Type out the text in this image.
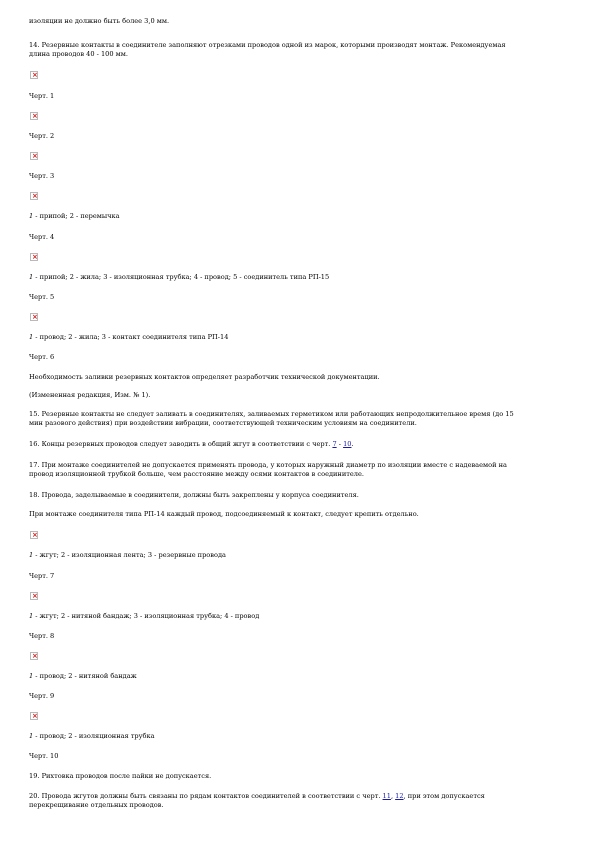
изоляции не должно быть более 3,0 мм.
14. Резервные контакты в соединителе заполняют отрезками проводов одной из марок, которыми производят монтаж. Рекомендуемая
длина проводов 40 - 100 мм.
×
Черт. 1
×
Черт. 2
×
Черт. 3
×
1 - припой; 2 - перемычка
Черт. 4
×
1 - припой; 2 - жила; 3 - изоляционная трубка; 4 - провод; 5 - соединитель типа РП-15
Черт. 5
×
1 - провод; 2 - жила; 3 - контакт соединителя типа РП-14
Черт. 6
Необходимость заливки резервных контактов определяет разработчик технической документации.
(Измененная редакция, Изм. № 1).
15. Резервные контакты не следует заливать в соединителях, заливаемых герметиком или работающих непродолжительное время (до 15
мин разового действия) при воздействии вибрации, соответствующей техническим условиям на соединители.
16. Концы резервных проводов следует заводить в общий жгут в соответствии с черт. 7 - 10.
17. При монтаже соединителей не допускается применять провода, у которых наружный диаметр по изоляции вместе с надеваемой на
провод изоляционной трубкой больше, чем расстояние между осями контактов в соединителе.
18. Провода, заделываемые в соединители, должны быть закреплены у корпуса соединителя.
При монтаже соединителя типа РП-14 каждый провод, подсоединяемый к контакт, следует крепить отдельно.
×
1 - жгут; 2 - изоляционная лента; 3 - резервные провода
Черт. 7
×
1 - жгут; 2 - нитяной бандаж; 3 - изоляционная трубка; 4 - провод
Черт. 8
×
1 - провод; 2 - нитяной бандаж
Черт. 9
×
1 - провод; 2 - изоляционная трубка
Черт. 10
19. Рихтовка проводов после пайки не допускается.
20. Провода жгутов должны быть связаны по рядам контактов соединителей в соответствии с черт. 11, 12, при этом допускается
перекрещивание отдельных проводов.
